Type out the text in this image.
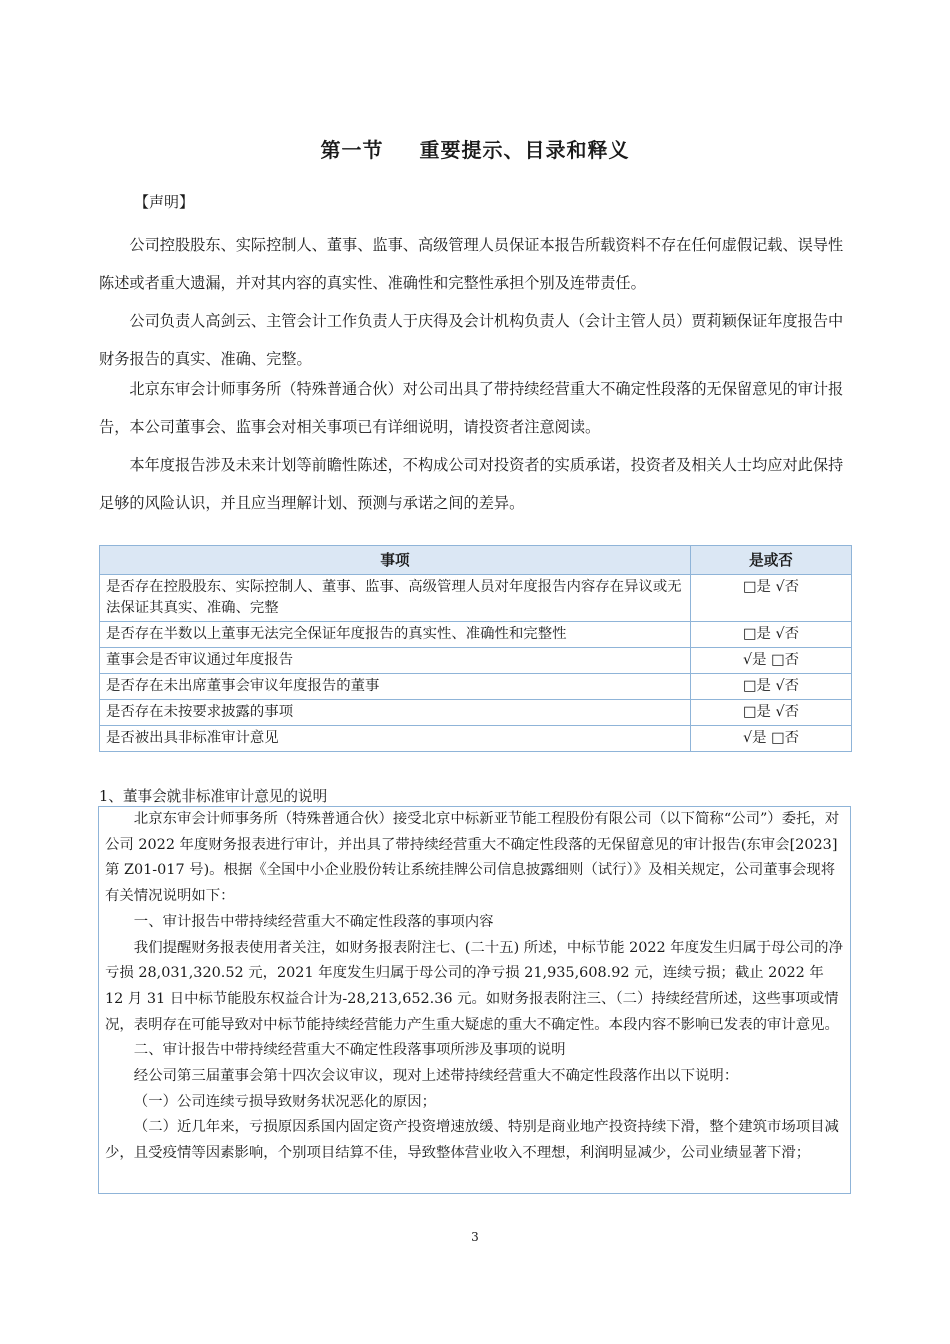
第一节 重要提示、目录和释义
【声明】

公司控股股东、实际控制人、董事、监事、高级管理人员保证本报告所载资料不存在任何虚假记载、误导性陈述或者重大遗漏，并对其内容的真实性、准确性和完整性承担个别及连带责任。

公司负责人高剑云、主管会计工作负责人于庆得及会计机构负责人（会计主管人员）贾莉颖保证年度报告中财务报告的真实、准确、完整。

北京东审会计师事务所（特殊普通合伙）对公司出具了带持续经营重大不确定性段落的无保留意见的审计报告，本公司董事会、监事会对相关事项已有详细说明，请投资者注意阅读。

本年度报告涉及未来计划等前瞻性陈述，不构成公司对投资者的实质承诺，投资者及相关人士均应对此保持足够的风险认识，并且应当理解计划、预测与承诺之间的差异。

事项	是或否
是否存在控股股东、实际控制人、董事、监事、高级管理人员对年度报告内容存在异议或无法保证其真实、准确、完整	□是 √否
是否存在半数以上董事无法完全保证年度报告的真实性、准确性和完整性	□是 √否
董事会是否审议通过年度报告	√是 □否
是否存在未出席董事会审议年度报告的董事	□是 √否
是否存在未按要求披露的事项	□是 √否
是否被出具非标准审计意见	√是 □否
1、董事会就非标准审计意见的说明

北京东审会计师事务所（特殊普通合伙）接受北京中标新亚节能工程股份有限公司（以下简称“公司”）委托，对公司 2022 年度财务报表进行审计，并出具了带持续经营重大不确定性段落的无保留意见的审计报告(东审会[2023]第 Z01-017 号)。根据《全国中小企业股份转让系统挂牌公司信息披露细则（试行）》及相关规定，公司董事会现将有关情况说明如下：

一、审计报告中带持续经营重大不确定性段落的事项内容

我们提醒财务报表使用者关注，如财务报表附注七、(二十五) 所述，中标节能 2022 年度发生归属于母公司的净亏损 28,031,320.52 元，2021 年度发生归属于母公司的净亏损 21,935,608.92 元，连续亏损；截止 2022 年 12 月 31 日中标节能股东权益合计为-28,213,652.36 元。如财务报表附注三、（二）持续经营所述，这些事项或情况，表明存在可能导致对中标节能持续经营能力产生重大疑虑的重大不确定性。本段内容不影响已发表的审计意见。

二、审计报告中带持续经营重大不确定性段落事项所涉及事项的说明

经公司第三届董事会第十四次会议审议，现对上述带持续经营重大不确定性段落作出以下说明：

（一）公司连续亏损导致财务状况恶化的原因；

（二）近几年来，亏损原因系国内固定资产投资增速放缓、特别是商业地产投资持续下滑，整个建筑市场项目减少，且受疫情等因素影响，个别项目结算不佳，导致整体营业收入不理想，利润明显减少，公司业绩显著下滑；

3
